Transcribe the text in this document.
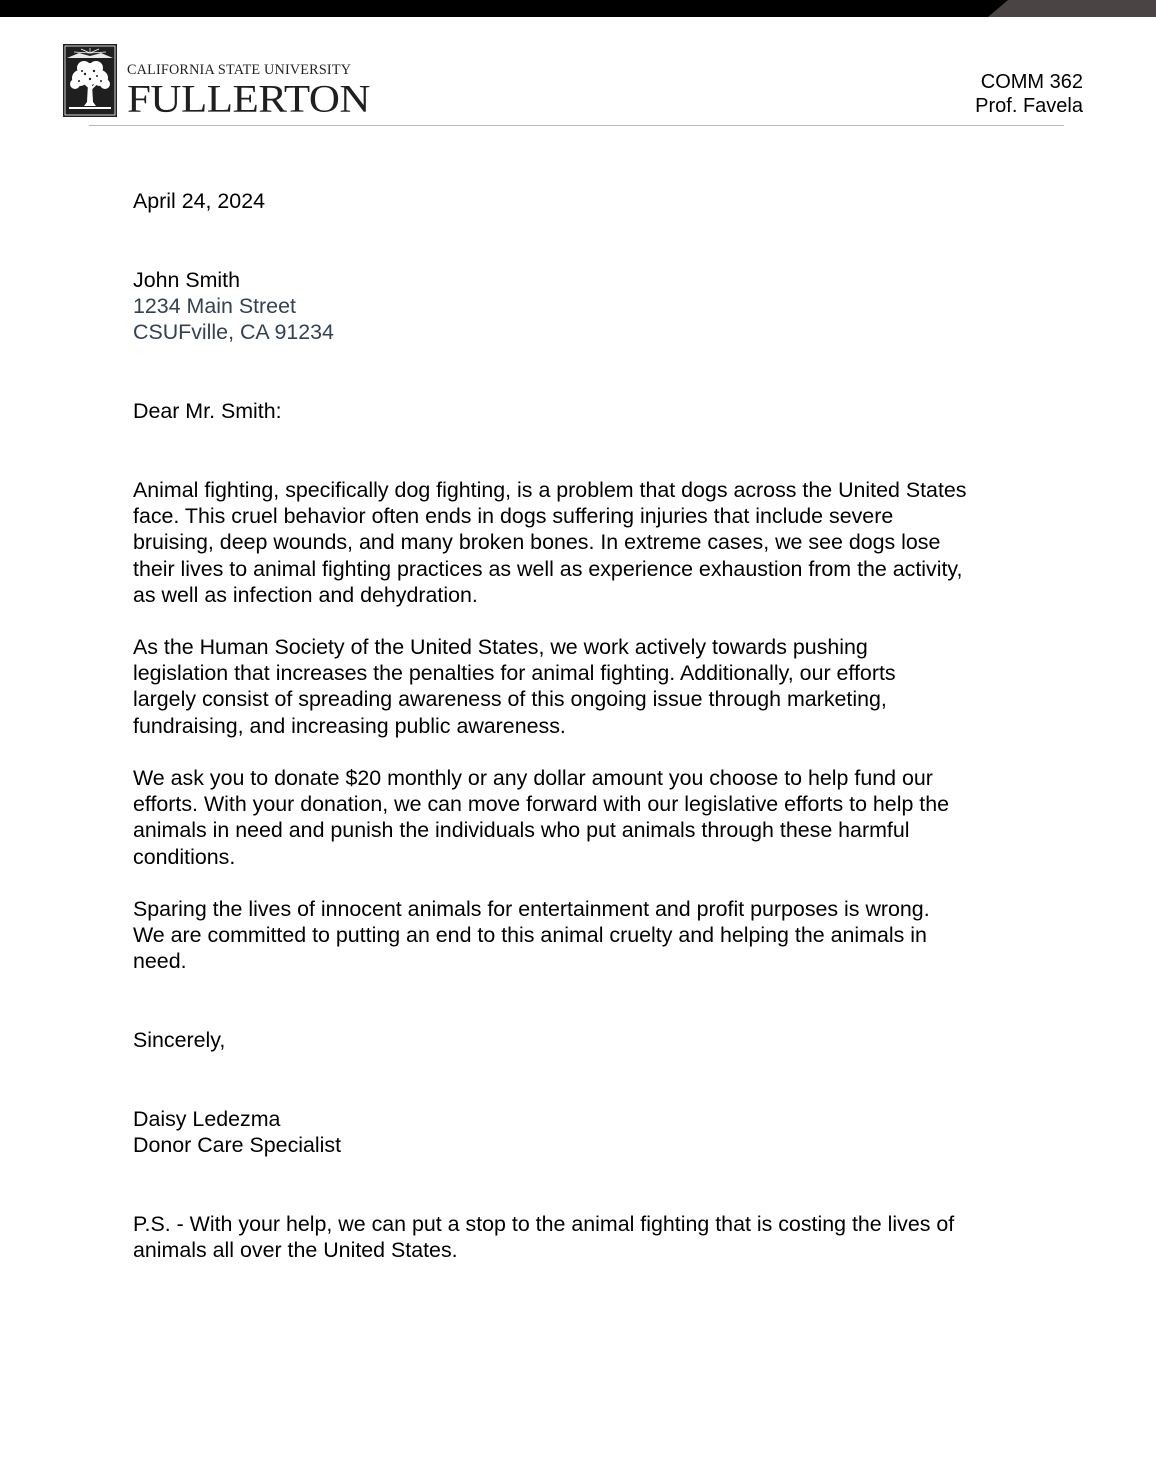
CALIFORNIA STATE UNIVERSITY
FULLERTON	COMM 362
Prof. Favela
April 24, 2024
John Smith
1234 Main Street
CSUFville, CA 91234
Dear Mr. Smith:
Animal fighting, specifically dog fighting, is a problem that dogs across the United States
face. This cruel behavior often ends in dogs suffering injuries that include severe
bruising, deep wounds, and many broken bones. In extreme cases, we see dogs lose
their lives to animal fighting practices as well as experience exhaustion from the activity,
as well as infection and dehydration.
As the Human Society of the United States, we work actively towards pushing
legislation that increases the penalties for animal fighting. Additionally, our efforts
largely consist of spreading awareness of this ongoing issue through marketing,
fundraising, and increasing public awareness.
We ask you to donate $20 monthly or any dollar amount you choose to help fund our
efforts. With your donation, we can move forward with our legislative efforts to help the
animals in need and punish the individuals who put animals through these harmful
conditions.
Sparing the lives of innocent animals for entertainment and profit purposes is wrong.
We are committed to putting an end to this animal cruelty and helping the animals in
need.
Sincerely,
Daisy Ledezma
Donor Care Specialist
P.S. - With your help, we can put a stop to the animal fighting that is costing the lives of
animals all over the United States.
